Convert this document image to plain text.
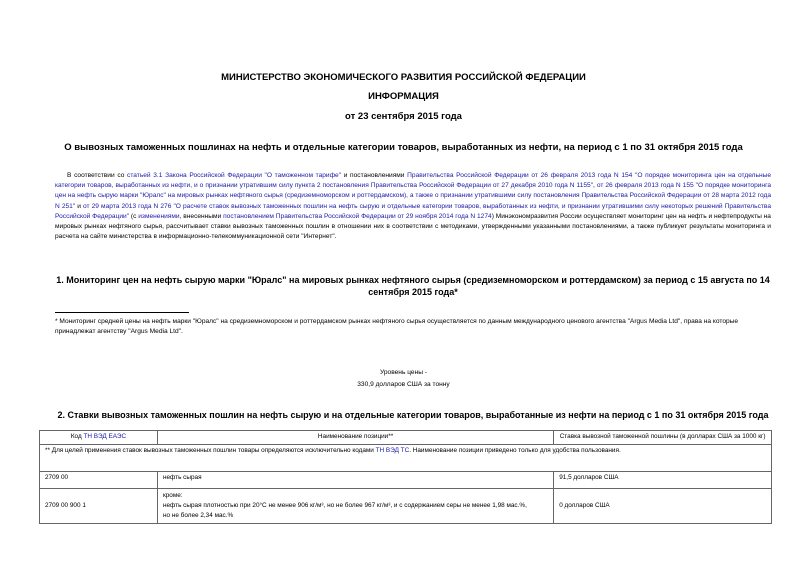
МИНИСТЕРСТВО ЭКОНОМИЧЕСКОГО РАЗВИТИЯ РОССИЙСКОЙ ФЕДЕРАЦИИ
ИНФОРМАЦИЯ
от 23 сентября 2015 года
О вывозных таможенных пошлинах на нефть и отдельные категории товаров, выработанных из нефти, на период с 1 по 31 октября 2015 года
В соответствии со статьей 3.1 Закона Российской Федерации "О таможенном тарифе" и постановлениями Правительства Российской Федерации от 26 февраля 2013 года N 154 "О порядке мониторинга цен на отдельные категории товаров, выработанных из нефти, и о признании утратившим силу пункта 2 постановления Правительства Российской Федерации от 27 декабря 2010 года N 1155", от 26 февраля 2013 года N 155 "О порядке мониторинга цен на нефть сырую марки "Юралс" на мировых рынках нефтяного сырья (средиземноморском и роттердамском), а также о признании утратившими силу постановления Правительства Российской Федерации от 28 марта 2012 года N 251" и от 29 марта 2013 года N 276 "О расчете ставок вывозных таможенных пошлин на нефть сырую и отдельные категории товаров, выработанных из нефти, и признании утратившими силу некоторых решений Правительства Российской Федерации" (с изменениями, внесенными постановлением Правительства Российской Федерации от 29 ноября 2014 года N 1274) Минэкономразвития России осуществляет мониторинг цен на нефть и нефтепродукты на мировых рынках нефтяного сырья, рассчитывает ставки вывозных таможенных пошлин в отношении них в соответствии с методиками, утвержденными указанными постановлениями, а также публикует результаты мониторинга и расчета на сайте министерства в информационно-телекоммуникационной сети "Интернет".
1. Мониторинг цен на нефть сырую марки "Юралс" на мировых рынках нефтяного сырья (средиземноморском и роттердамском) за период с 15 августа по 14 сентября 2015 года*
* Мониторинг средней цены на нефть марки "Юралс" на средиземноморском и роттердамском рынках нефтяного сырья осуществляется по данным международного ценового агентства "Argus Media Ltd", права на которые принадлежат агентству "Argus Media Ltd".
Уровень цены -
330,9 долларов США за тонну
2. Ставки вывозных таможенных пошлин на нефть сырую и на отдельные категории товаров, выработанные из нефти на период с 1 по 31 октября 2015 года
Код ТН ВЭД ЕАЭС	Наименование позиции**	Ставка вывозной таможенной пошлины (в долларах США за 1000 кг)
** Для целей применения ставок вывозных таможенных пошлин товары определяются исключительно кодами ТН ВЭД ТС. Наименование позиции приведено только для удобства пользования.		
2709 00	нефть сырая	91,5 долларов США

2709 00 900 1	кроме:
нефть сырая плотностью при 20°С не менее 906 кг/м³, но не более 967 кг/м³, и с содержанием серы не менее 1,98 мас.%,
но не более 2,34 мас.%	0 долларов США
